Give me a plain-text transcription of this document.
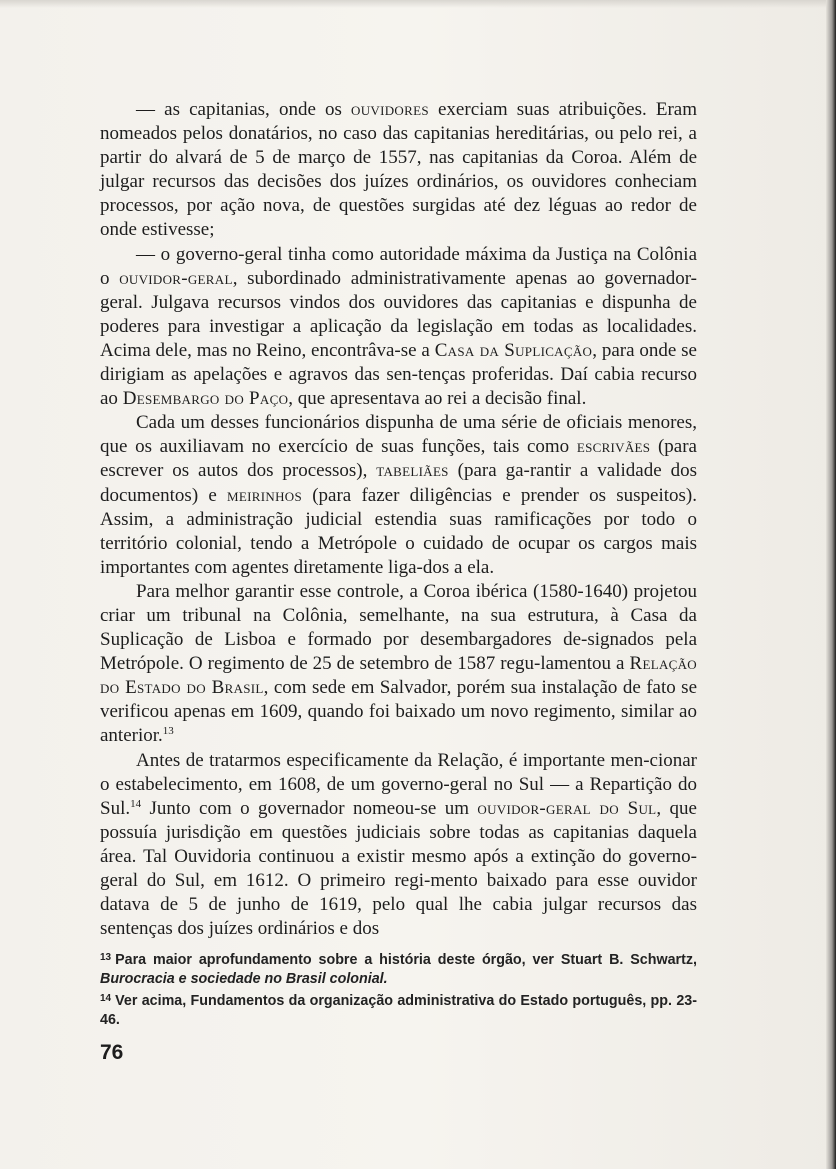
— as capitanias, onde os ouvidores exerciam suas atribuições. Eram nomeados pelos donatários, no caso das capitanias hereditárias, ou pelo rei, a partir do alvará de 5 de março de 1557, nas capitanias da Coroa. Além de julgar recursos das decisões dos juízes ordinários, os ouvidores conheciam processos, por ação nova, de questões surgidas até dez léguas ao redor de onde estivesse;

— o governo-geral tinha como autoridade máxima da Justiça na Colônia o ouvidor-geral, subordinado administrativamente apenas ao governador-geral. Julgava recursos vindos dos ouvidores das capitanias e dispunha de poderes para investigar a aplicação da legislação em todas as localidades. Acima dele, mas no Reino, encontrâva-se a Casa da Suplicação, para onde se dirigiam as apelações e agravos das sen-tenças proferidas. Daí cabia recurso ao Desembargo do Paço, que apresentava ao rei a decisão final.

Cada um desses funcionários dispunha de uma série de oficiais menores, que os auxiliavam no exercício de suas funções, tais como escrivães (para escrever os autos dos processos), tabeliães (para ga-rantir a validade dos documentos) e meirinhos (para fazer diligências e prender os suspeitos). Assim, a administração judicial estendia suas ramificações por todo o território colonial, tendo a Metrópole o cuidado de ocupar os cargos mais importantes com agentes diretamente liga-dos a ela.

Para melhor garantir esse controle, a Coroa ibérica (1580-1640) projetou criar um tribunal na Colônia, semelhante, na sua estrutura, à Casa da Suplicação de Lisboa e formado por desembargadores de-signados pela Metrópole. O regimento de 25 de setembro de 1587 regu-lamentou a Relação do Estado do Brasil, com sede em Salvador, porém sua instalação de fato se verificou apenas em 1609, quando foi baixado um novo regimento, similar ao anterior.$^{13}$

Antes de tratarmos especificamente da Relação, é importante men-cionar o estabelecimento, em 1608, de um governo-geral no Sul — a Repartição do Sul.$^{14}$ Junto com o governador nomeou-se um ouvidor-geral do Sul, que possuía jurisdição em questões judiciais sobre todas as capitanias daquela área. Tal Ouvidoria continuou a existir mesmo após a extinção do governo-geral do Sul, em 1612. O primeiro regi-mento baixado para esse ouvidor datava de 5 de junho de 1619, pelo qual lhe cabia julgar recursos das sentenças dos juízes ordinários e dos

$^{13}$ Para maior aprofundamento sobre a história deste órgão, ver Stuart B. Schwartz, Burocracia e sociedade no Brasil colonial.

$^{14}$ Ver acima, Fundamentos da organização administrativa do Estado português, pp. 23-46.

76
